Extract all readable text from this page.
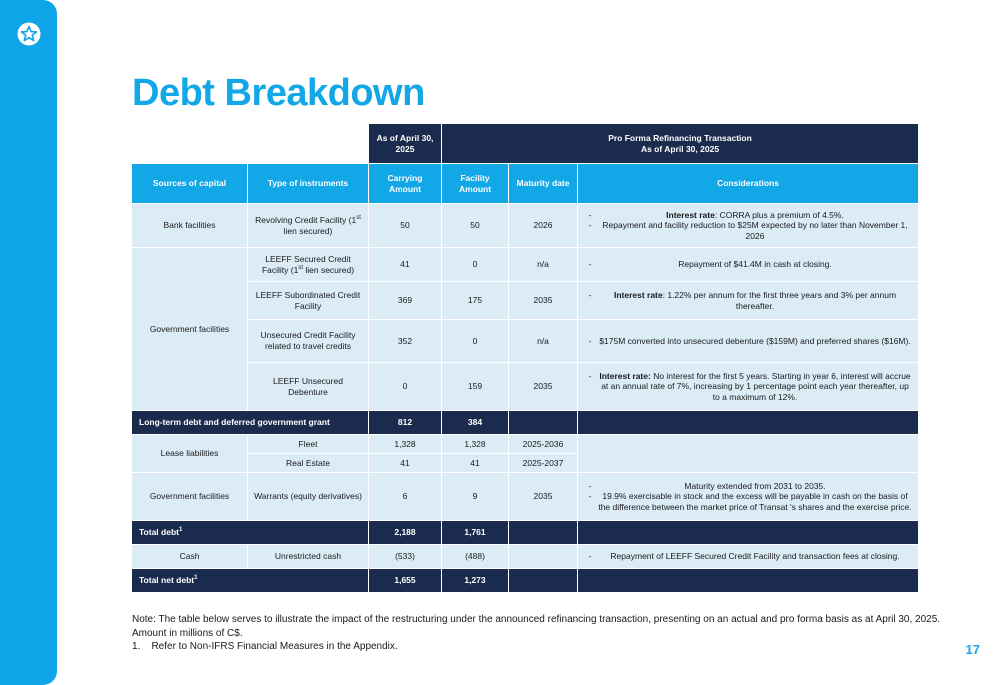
Debt Breakdown
		As of April 30, 2025	Pro Forma Refinancing Transaction
As of April 30, 2025		

Sources of capital	Type of instruments	Carrying Amount	Facility Amount	Maturity date	Considerations
Bank facilities	Revolving Credit Facility (1st lien secured)	50	50	2026	- Interest rate: CORRA plus a premium of 4.5%.
- Repayment and facility reduction to $25M expected by no later than November 1, 2026

Government facilities	LEEFF Secured Credit Facility (1st lien secured)	41	0	n/a	- Repayment of $41.4M in cash at closing.

	LEEFF Subordinated Credit Facility	369	175	2035	- Interest rate: 1.22% per annum for the first three years and 3% per annum thereafter.

	Unsecured Credit Facility related to travel credits	352	0	n/a	- $175M converted into unsecured debenture ($159M) and preferred shares ($16M).

	LEEFF Unsecured Debenture	0	159	2035	- Interest rate: No interest for the first 5 years. Starting in year 6, interest will accrue at an annual rate of 7%, increasing by 1 percentage point each year thereafter, up to a maximum of 12%.

Long-term debt and deferred government grant		812	384		
Lease liabilities	Fleet	1,328	1,328	2025-2036	
	Real Estate	41	41	2025-2037	
Government facilities	Warrants (equity derivatives)	6	9	2035	- Maturity extended from 2031 to 2035.
- 19.9% exercisable in stock and the excess will be payable in cash on the basis of the difference between the market price of Transat 's shares and the exercise price.

Total debt$^1$		2,188	1,761		
Cash	Unrestricted cash	(533)	(488)		- Repayment of LEEFF Secured Credit Facility and transaction fees at closing.

Total net debt$^1$		1,655	1,273		
Note: The table below serves to illustrate the impact of the restructuring under the announced refinancing transaction, presenting on an actual and pro forma basis as at April 30, 2025.
Amount in millions of C$.
1.    Refer to Non-IFRS Financial Measures in the Appendix.	17
